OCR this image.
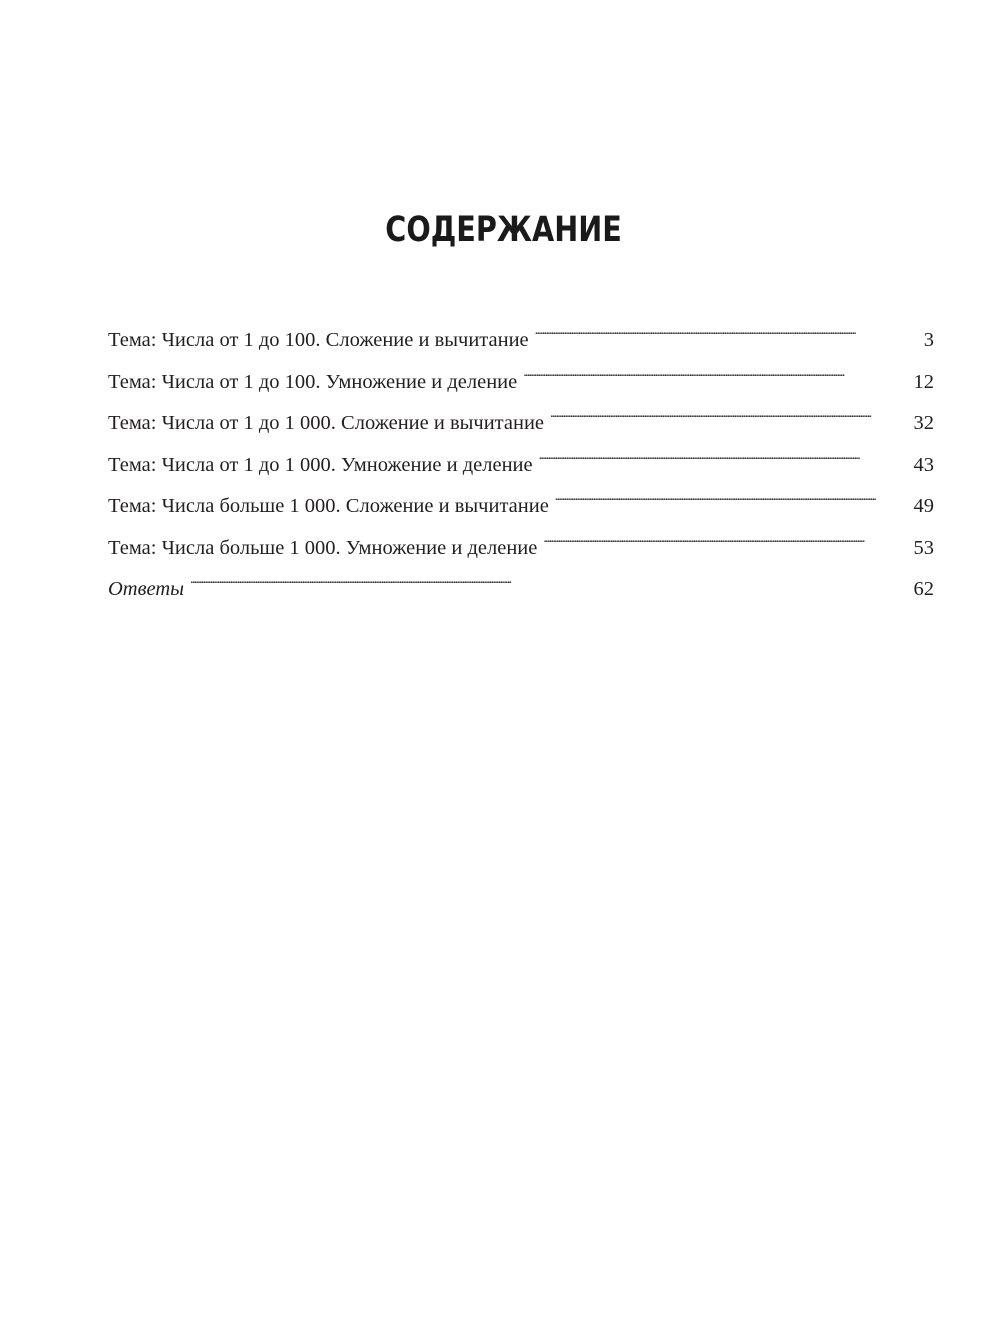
СОДЕРЖАНИЕ
Тема: Числа от 1 до 100. Сложение и вычитание . . .	3
Тема: Числа от 1 до 100. Умножение и деление . . .	12
Тема: Числа от 1 до 1 000. Сложение и вычитание . . .	32
Тема: Числа от 1 до 1 000. Умножение и деление . . .	43
Тема: Числа больше 1 000. Сложение и вычитание . . .	49
Тема: Числа больше 1 000. Умножение и деление . . .	53
Ответы . . .	62
